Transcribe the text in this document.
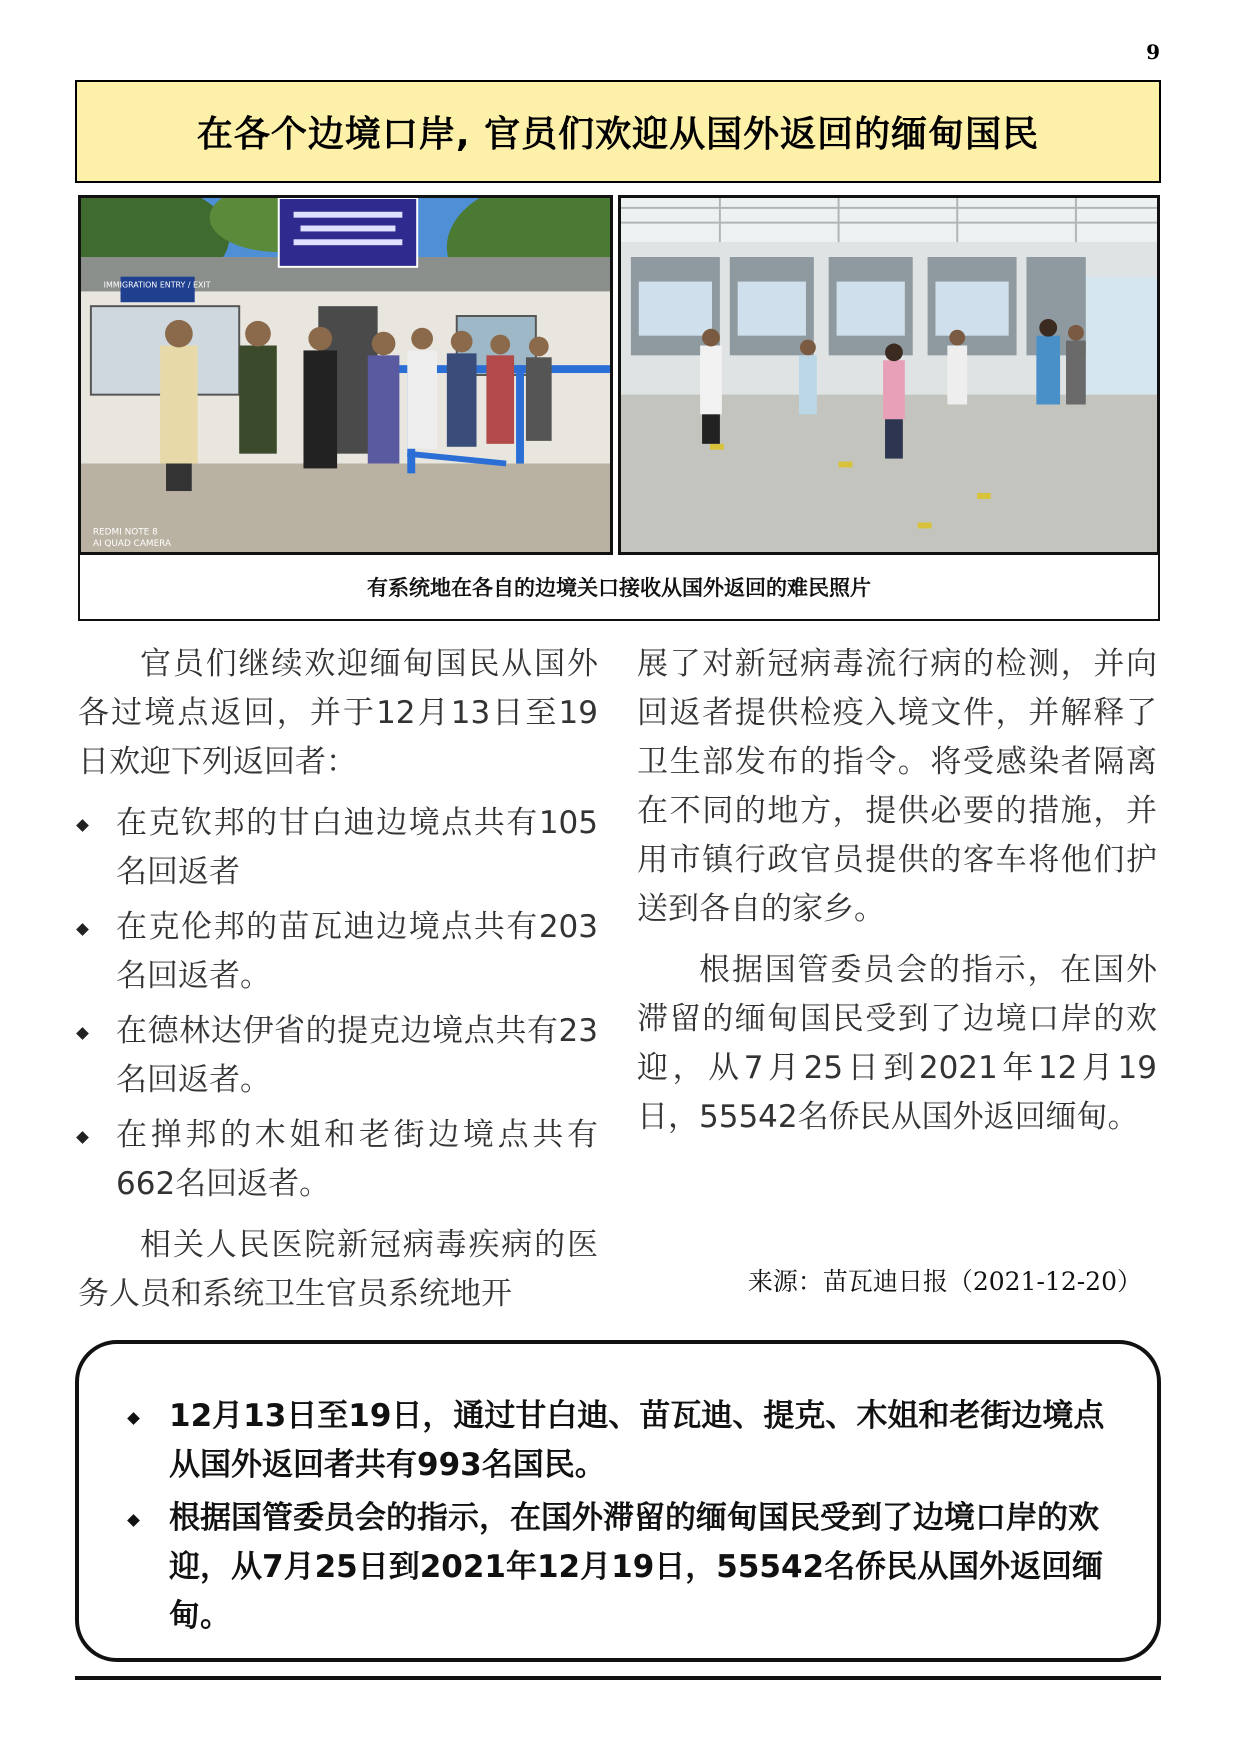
9
在各个边境口岸, 官员们欢迎从国外返回的缅甸国民
IMMIGRATION ENTRY / EXIT
REDMI NOTE 8
AI QUAD CAMERA
有系统地在各自的边境关口接收从国外返回的难民照片

官员们继续欢迎缅甸国民从国外各过境点返回，并于12月13日至19日欢迎下列返回者：

在克钦邦的甘白迪边境点共有105名回返者
在克伦邦的苗瓦迪边境点共有203名回返者。
在德林达伊省的提克边境点共有23名回返者。
在掸邦的木姐和老街边境点共有662名回返者。

相关人民医院新冠病毒疾病的医务人员和系统卫生官员系统地开

展了对新冠病毒流行病的检测，并向回返者提供检疫入境文件，并解释了卫生部发布的指令。将受感染者隔离在不同的地方，提供必要的措施，并用市镇行政官员提供的客车将他们护送到各自的家乡。

根据国管委员会的指示，在国外滞留的缅甸国民受到了边境口岸的欢迎，从7月25日到2021年12月19日，55542名侨民从国外返回缅甸。

来源：苗瓦迪日报（2021-12-20）
12月13日至19日，通过甘白迪、苗瓦迪、提克、木姐和老街边境点从国外返回者共有993名国民。
根据国管委员会的指示，在国外滞留的缅甸国民受到了边境口岸的欢迎，从7月25日到2021年12月19日，55542名侨民从国外返回缅甸。
